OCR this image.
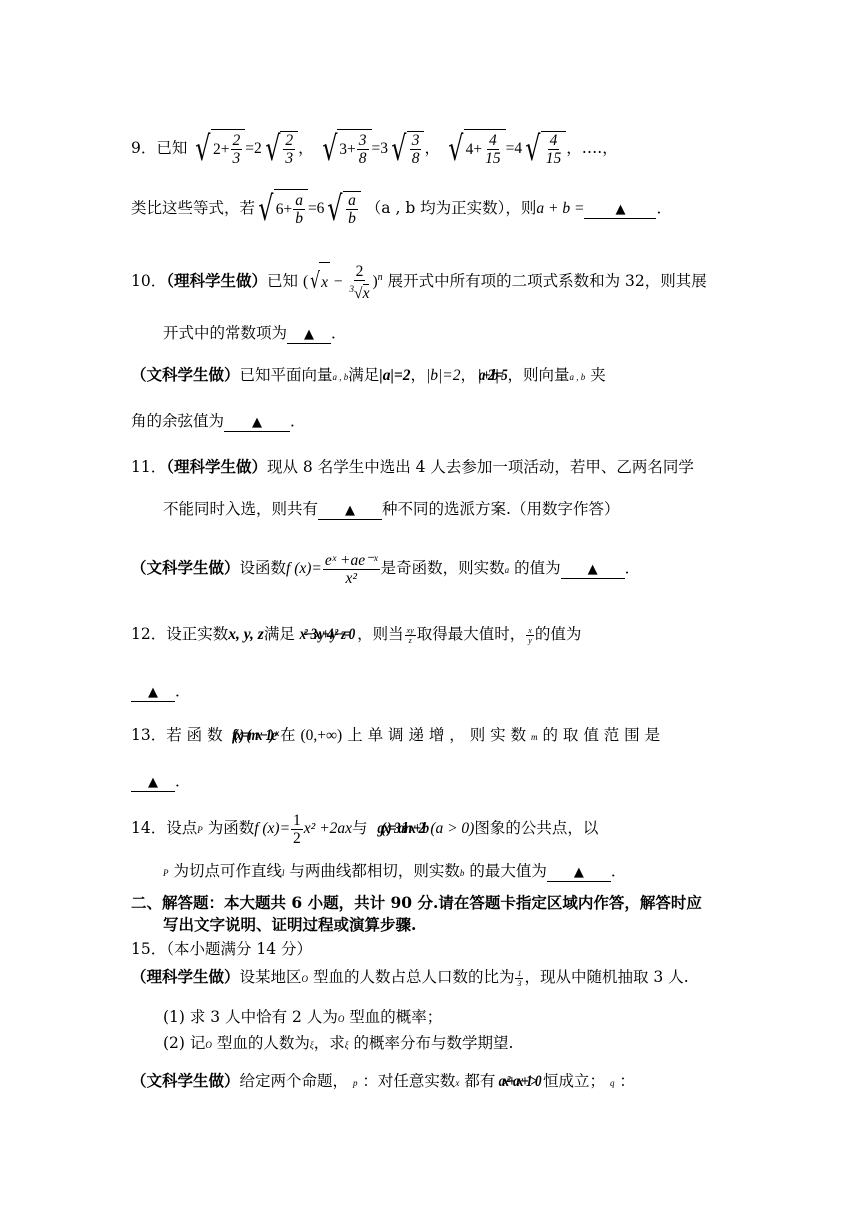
9．已知 √ $2+ \frac{2}{3} =2$ √ $\frac{2}{3}$ ， √ $3+ \frac{3}{8} =3$ √ $\frac{3}{8}$ ， √ $4+ \frac{4}{15} =4$ √ $\frac{4}{15}$ ，….，
类比这些等式，若 √ $6+ \frac{a}{b} =6$ √ $\frac{a}{b} (a$ , b 均为正实数），则a + b = ▲ ．
10．（理科学生做）已知 ( √ $x - \frac{2}{^3√x} )^n$ 展开式中所有项的二项式系数和为 32，则其展
开式中的常数项为 ▲ ．
（文科学生做）已知平面向量a , b满足|a|=2，|b|=2， |a+2b|=5 ，则向量a , b 夹
角的余弦值为 ▲ ．
11．（理科学生做）现从 8 名学生中选出 4 人去参加一项活动，若甲、乙两名同学
不能同时入选，则共有 ▲ 种不同的选派方案.（用数字作答）
（文科学生做）设函数f $(x)= \frac{\text{eˣ +ae⁻ˣ}}{\text{x²}}$ 是奇函数，则实数a 的值为 ▲ ．
12．设正实数x, y, z满足 x²−3xy+4y²−z=0 ，则当 $\frac{xy}{z}$ 取得最大值时， $\frac{x}{y}$ 的值为
▲ ．
13．若 函 数 f(x)=(mx−1)eˣ 在 (0,+∞) 上 单 调 递 增 ， 则 实 数 m 的 取 值 范 围 是
▲ ．
14．设点P 为函数f $(x)= \frac{1}{2} x^2 +2ax$与 g(x)=3a²lnx+2b (a > 0)图象的公共点，以
P 为切点可作直线l 与两曲线都相切，则实数b 的最大值为 ▲ ．
二、解答题：本大题共 6 小题，共计 90 分.请在答题卡指定区域内作答，解答时应
写出文字说明、证明过程或演算步骤.
15．（本小题满分 14 分）
（理科学生做）设某地区O 型血的人数占总人口数的比为 $\frac{1}{3}$ ，现从中随机抽取 3 人.
(1) 求 3 人中恰有 2 人为O 型血的概率；
(2) 记O 型血的人数为ξ，求ξ 的概率分布与数学期望.
（文科学生做）给定两个命题， p ：对任意实数x 都有 ax²+ax+1>0 恒成立； q ：
